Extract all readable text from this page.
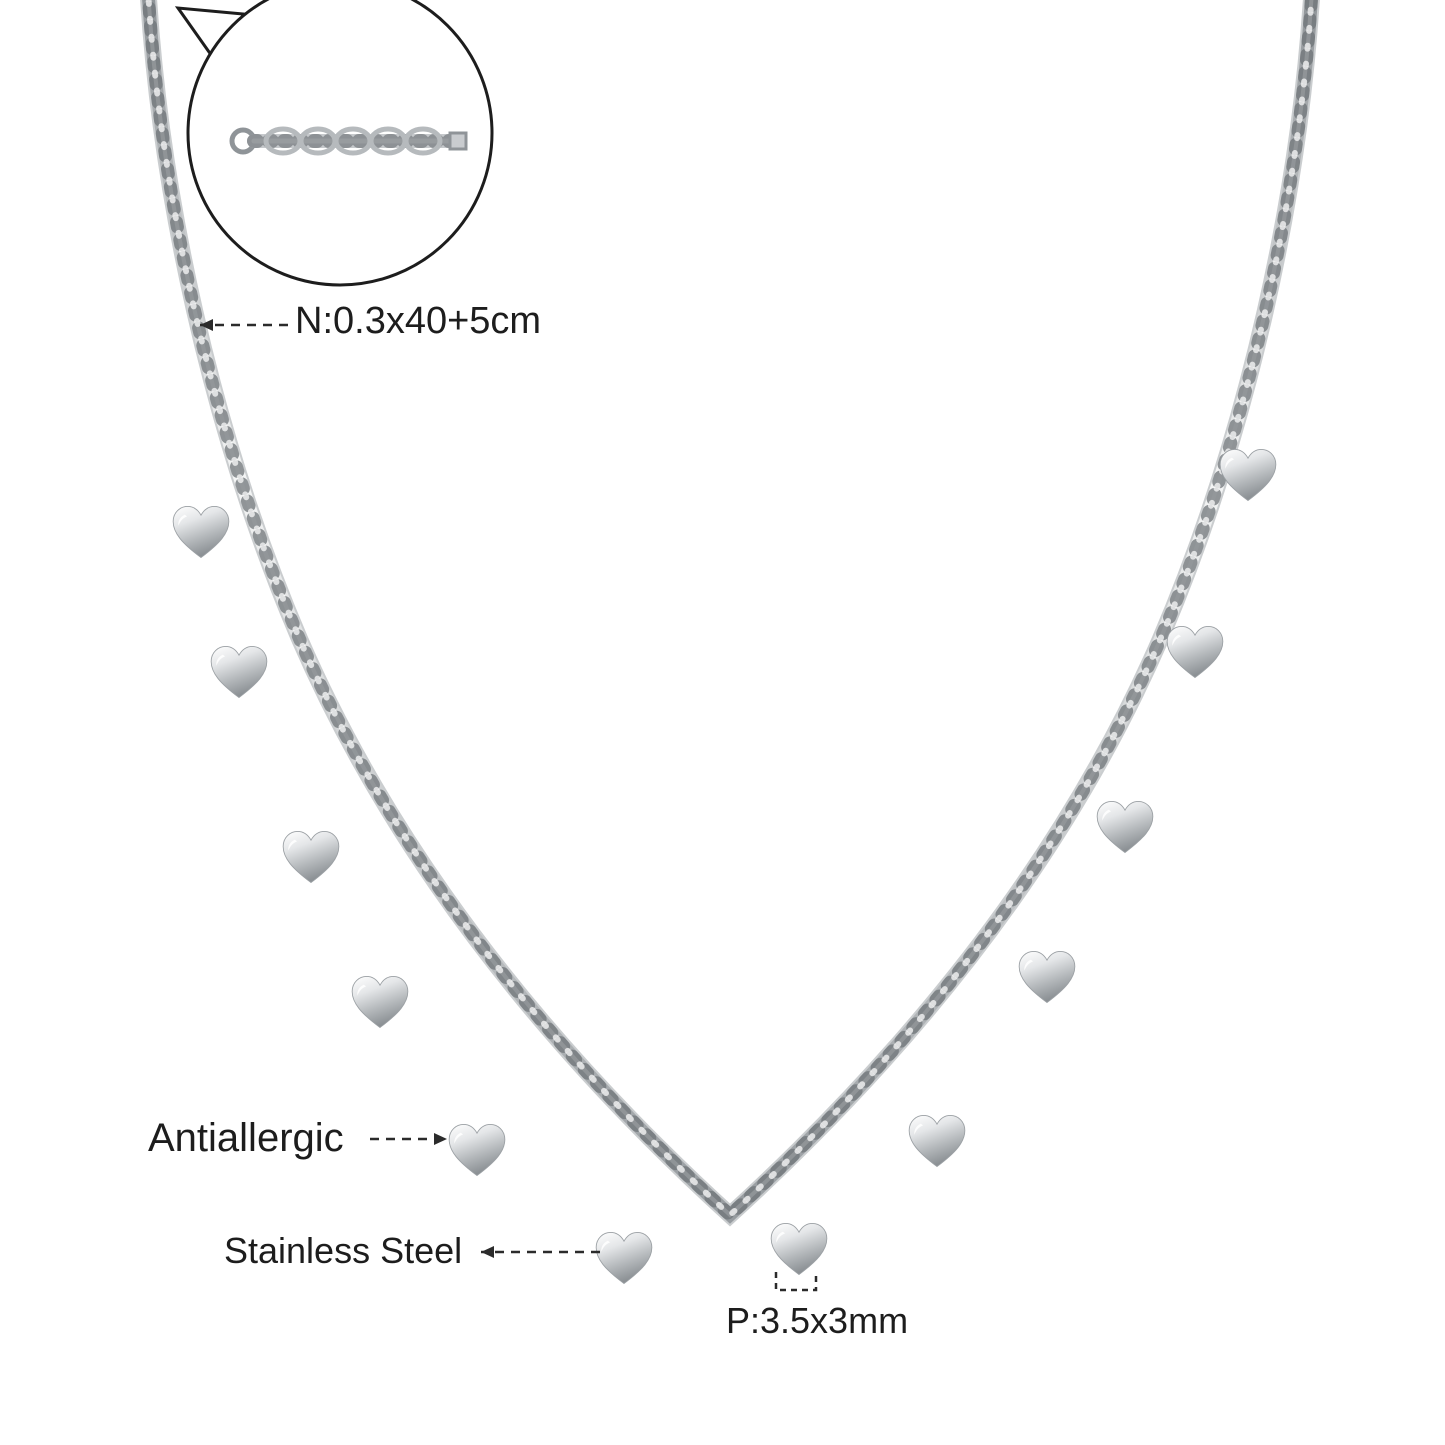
N:0.3x40+5cm
Antiallergic
Stainless Steel
P:3.5x3mm
